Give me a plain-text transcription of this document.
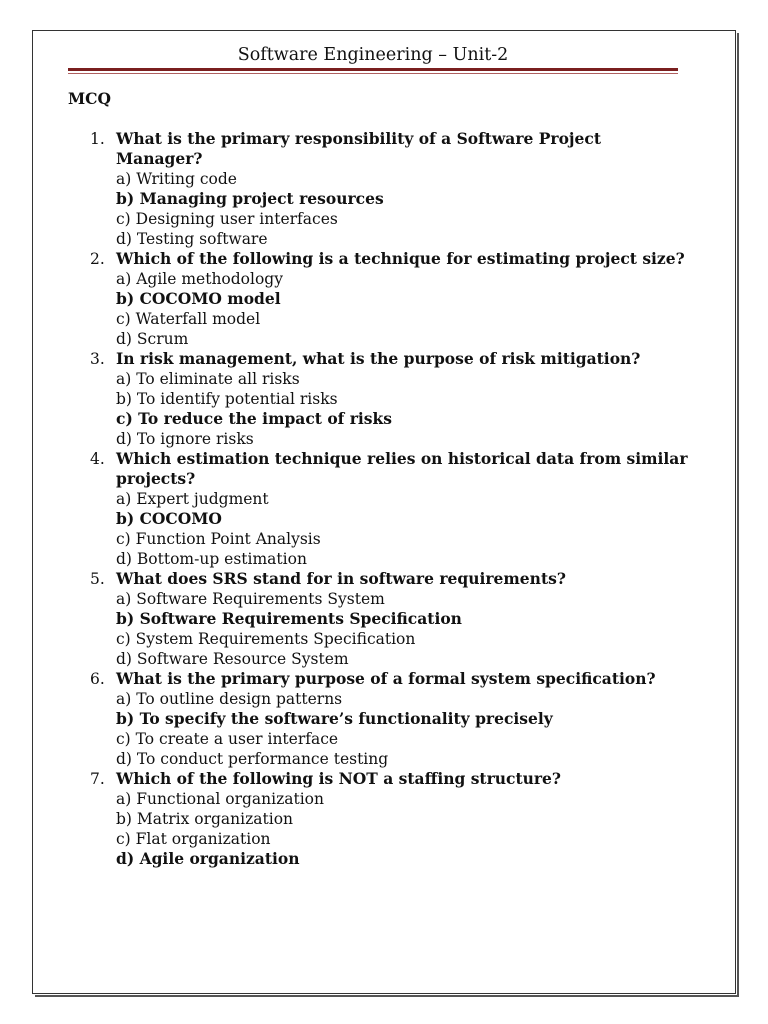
Software Engineering – Unit-2
MCQ
1. What is the primary responsibility of a Software Project Manager?
a) Writing code
b) Managing project resources
c) Designing user interfaces
d) Testing software
2. Which of the following is a technique for estimating project size?
a) Agile methodology
b) COCOMO model
c) Waterfall model
d) Scrum
3. In risk management, what is the purpose of risk mitigation?
a) To eliminate all risks
b) To identify potential risks
c) To reduce the impact of risks
d) To ignore risks
4. Which estimation technique relies on historical data from similar projects?
a) Expert judgment
b) COCOMO
c) Function Point Analysis
d) Bottom-up estimation
5. What does SRS stand for in software requirements?
a) Software Requirements System
b) Software Requirements Specification
c) System Requirements Specification
d) Software Resource System
6. What is the primary purpose of a formal system specification?
a) To outline design patterns
b) To specify the software’s functionality precisely
c) To create a user interface
d) To conduct performance testing
7. Which of the following is NOT a staffing structure?
a) Functional organization
b) Matrix organization
c) Flat organization
d) Agile organization
